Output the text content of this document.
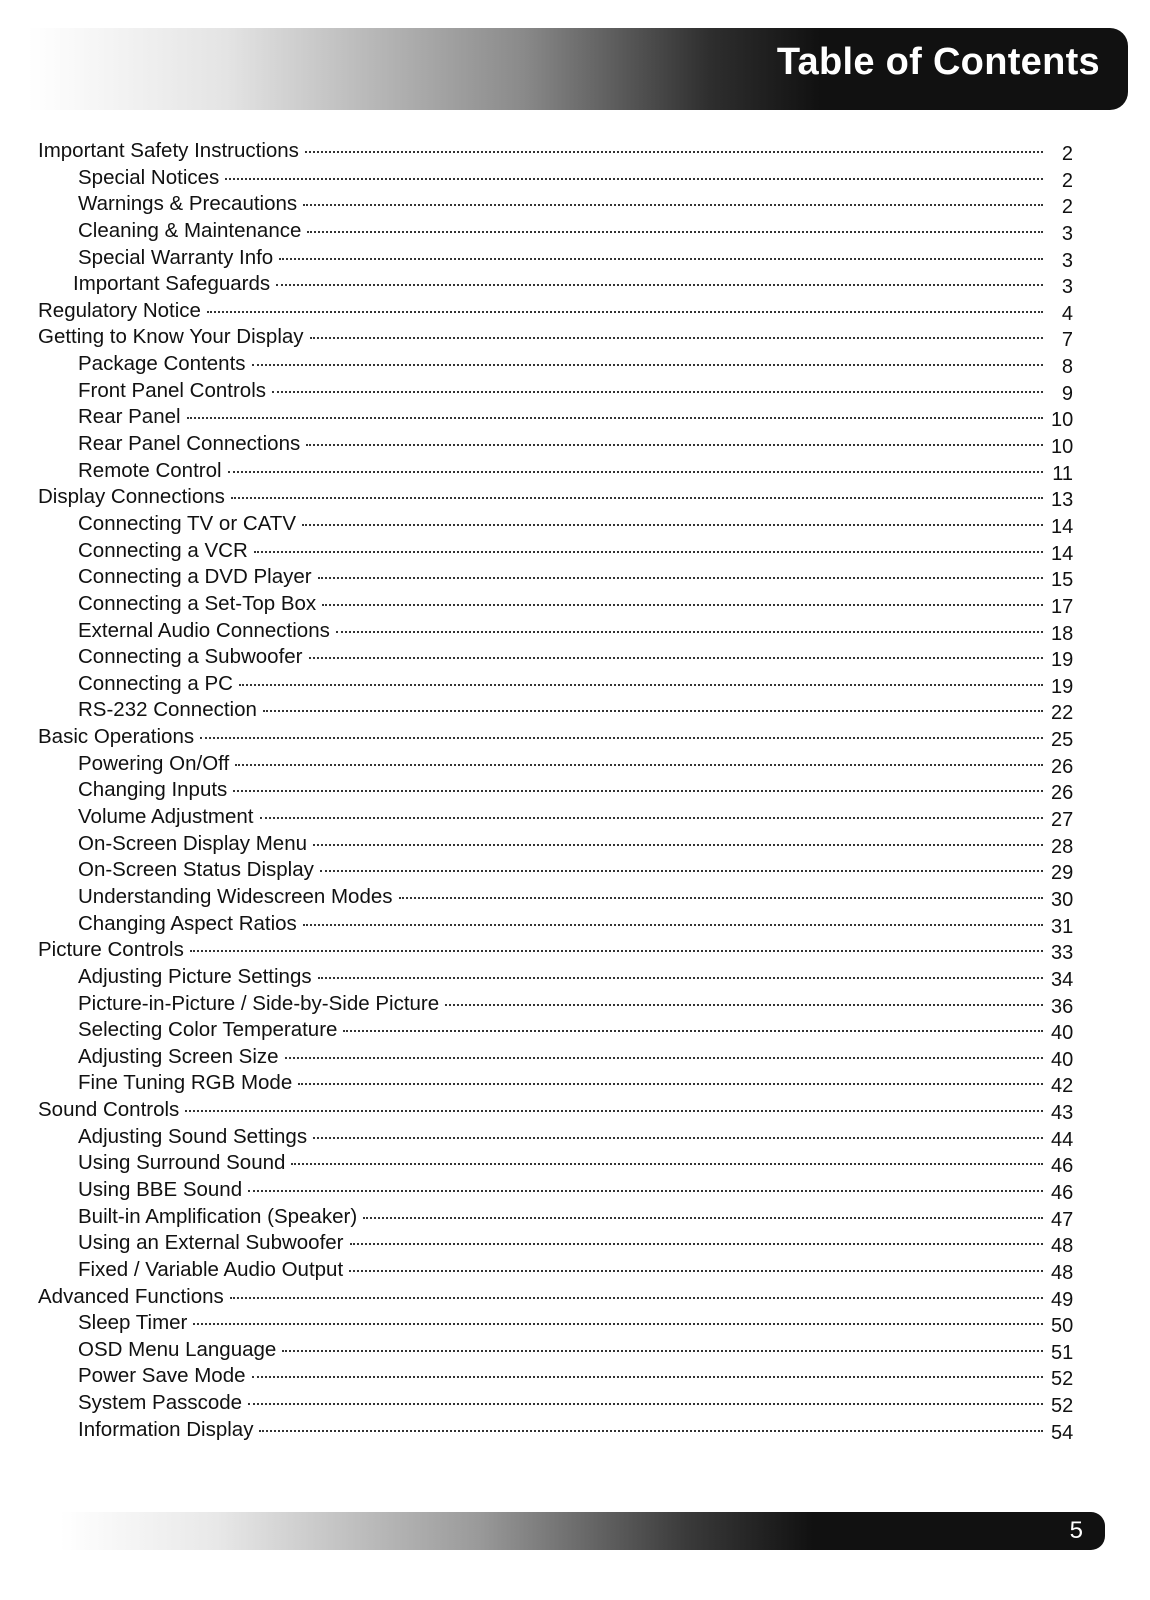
Table of Contents
Important Safety Instructions	2
Special Notices	2
Warnings & Precautions	2
Cleaning & Maintenance	3
Special Warranty Info	3
Important Safeguards	3
Regulatory Notice	4
Getting to Know Your Display	7
Package Contents	8
Front Panel Controls	9
Rear Panel	10
Rear Panel Connections	10
Remote Control	11
Display Connections	13
Connecting TV or CATV	14
Connecting a VCR	14
Connecting a DVD Player	15
Connecting a Set-Top Box	17
External Audio Connections	18
Connecting a Subwoofer	19
Connecting a PC	19
RS-232 Connection	22
Basic Operations	25
Powering On/Off	26
Changing Inputs	26
Volume Adjustment	27
On-Screen Display Menu	28
On-Screen Status Display	29
Understanding Widescreen Modes	30
Changing Aspect Ratios	31
Picture Controls	33
Adjusting Picture Settings	34
Picture-in-Picture / Side-by-Side Picture	36
Selecting Color Temperature	40
Adjusting Screen Size	40
Fine Tuning RGB Mode	42
Sound Controls	43
Adjusting Sound Settings	44
Using Surround Sound	46
Using BBE Sound	46
Built-in Amplification (Speaker)	47
Using an External Subwoofer	48
Fixed / Variable Audio Output	48
Advanced Functions	49
Sleep Timer	50
OSD Menu Language	51
Power Save Mode	52
System Passcode	52
Information Display	54
5
